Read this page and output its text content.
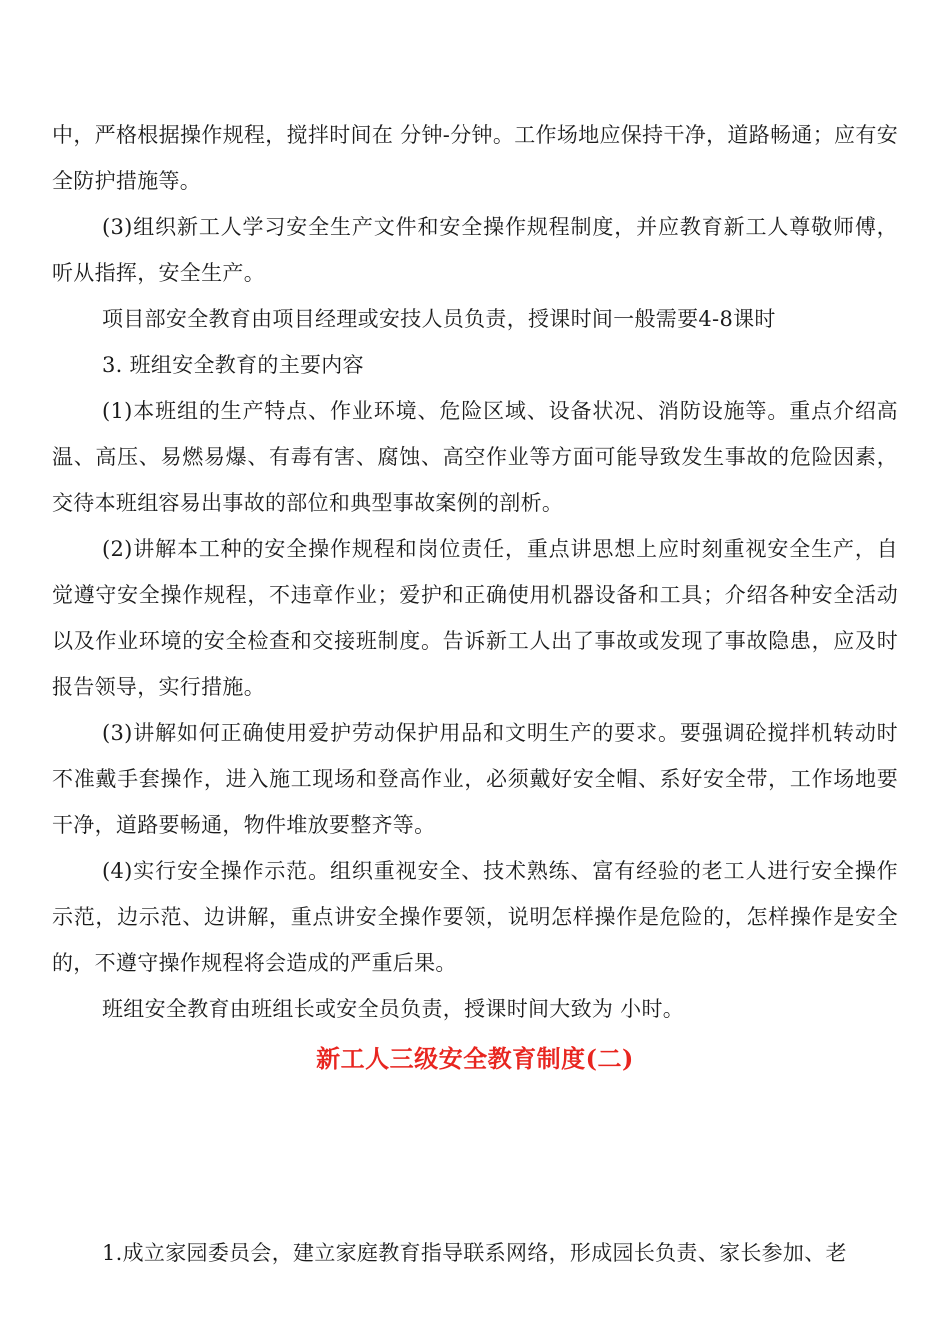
中，严格根据操作规程，搅拌时间在 分钟-分钟。工作场地应保持干净，道路畅通；应有安全防护措施等。

(3)组织新工人学习安全生产文件和安全操作规程制度，并应教育新工人尊敬师傅，听从指挥，安全生产。

项目部安全教育由项目经理或安技人员负责，授课时间一般需要4-8课时

3. 班组安全教育的主要内容

(1)本班组的生产特点、作业环境、危险区域、设备状况、消防设施等。重点介绍高温、高压、易燃易爆、有毒有害、腐蚀、高空作业等方面可能导致发生事故的危险因素，交待本班组容易出事故的部位和典型事故案例的剖析。

(2)讲解本工种的安全操作规程和岗位责任，重点讲思想上应时刻重视安全生产，自觉遵守安全操作规程，不违章作业；爱护和正确使用机器设备和工具；介绍各种安全活动以及作业环境的安全检查和交接班制度。告诉新工人出了事故或发现了事故隐患，应及时报告领导，实行措施。

(3)讲解如何正确使用爱护劳动保护用品和文明生产的要求。要强调砼搅拌机转动时不准戴手套操作，进入施工现场和登高作业，必须戴好安全帽、系好安全带，工作场地要干净，道路要畅通，物件堆放要整齐等。

(4)实行安全操作示范。组织重视安全、技术熟练、富有经验的老工人进行安全操作示范，边示范、边讲解，重点讲安全操作要领，说明怎样操作是危险的，怎样操作是安全的，不遵守操作规程将会造成的严重后果。

班组安全教育由班组长或安全员负责，授课时间大致为 小时。

新工人三级安全教育制度(二)

1.成立家园委员会，建立家庭教育指导联系网络，形成园长负责、家长参加、老
